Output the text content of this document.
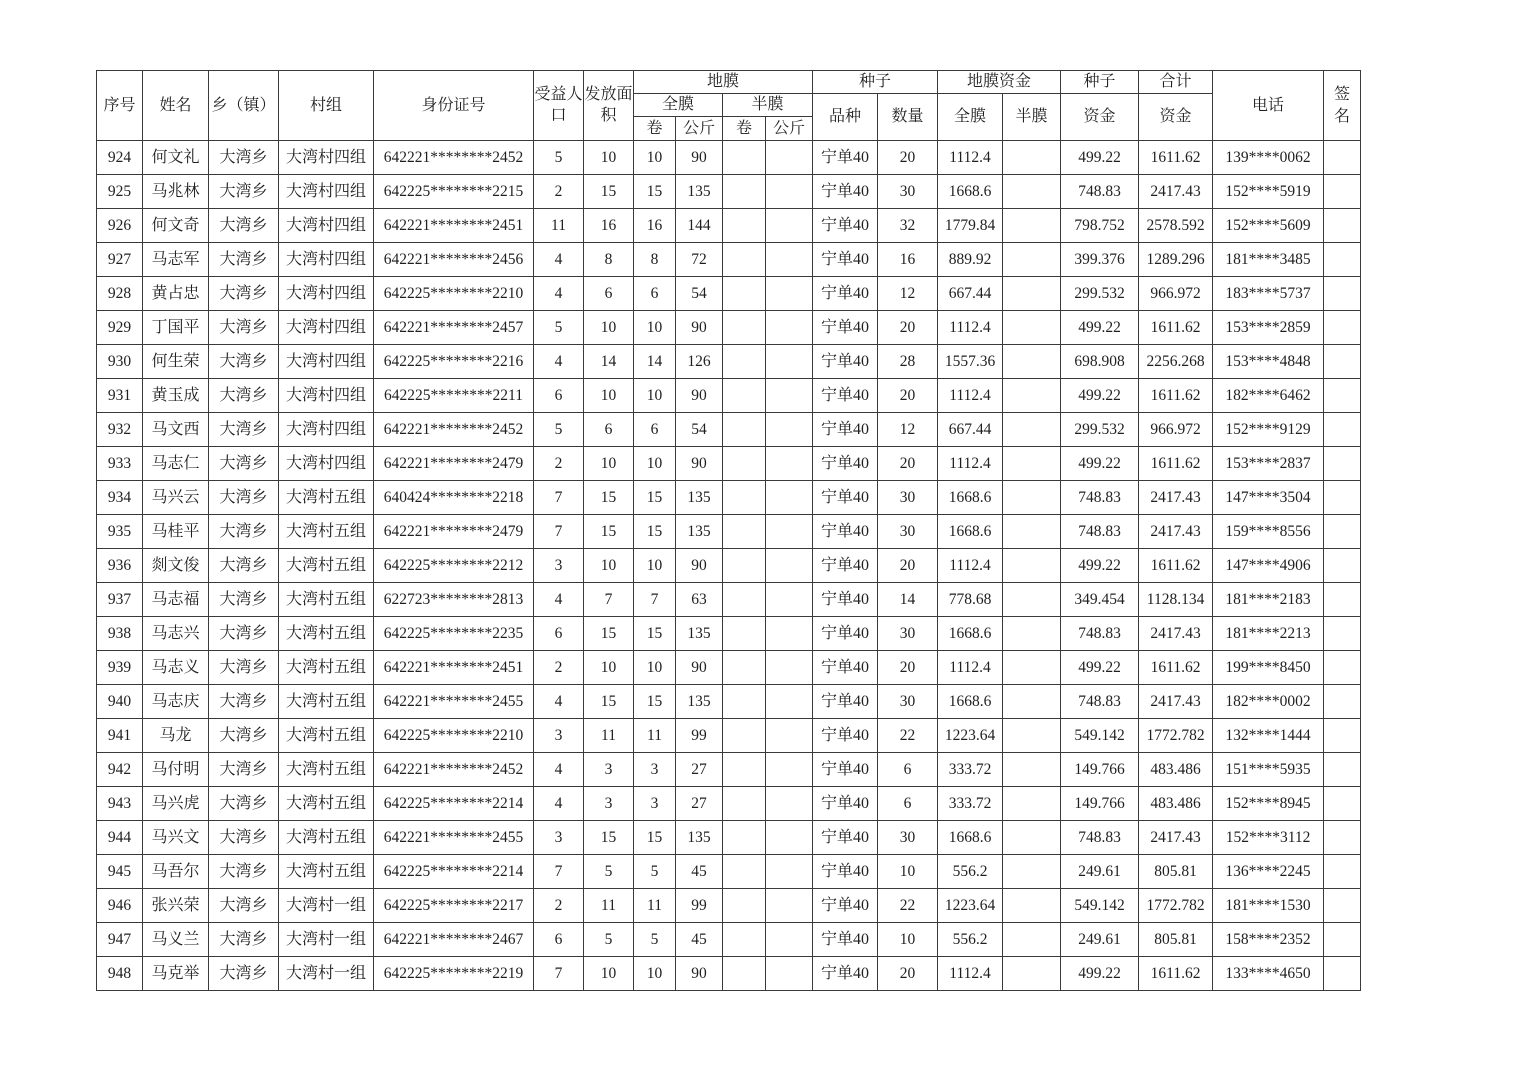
序号	姓名	乡（镇）	村组	身份证号	受益人口	发放面积	地膜				种子		地膜资金		种子	合计	电话	签名
							全膜		半膜		品种	数量	全膜	半膜	资金	资金		
							卷	公斤	卷	公斤								
924	何文礼	大湾乡	大湾村四组	642221********2452	5	10	10	90			宁单40	20	1112.4		499.22	1611.62	139****0062	
925	马兆林	大湾乡	大湾村四组	642225********2215	2	15	15	135			宁单40	30	1668.6		748.83	2417.43	152****5919	
926	何文奇	大湾乡	大湾村四组	642221********2451	11	16	16	144			宁单40	32	1779.84		798.752	2578.592	152****5609	
927	马志军	大湾乡	大湾村四组	642221********2456	4	8	8	72			宁单40	16	889.92		399.376	1289.296	181****3485	
928	黄占忠	大湾乡	大湾村四组	642225********2210	4	6	6	54			宁单40	12	667.44		299.532	966.972	183****5737	
929	丁国平	大湾乡	大湾村四组	642221********2457	5	10	10	90			宁单40	20	1112.4		499.22	1611.62	153****2859	
930	何生荣	大湾乡	大湾村四组	642225********2216	4	14	14	126			宁单40	28	1557.36		698.908	2256.268	153****4848	
931	黄玉成	大湾乡	大湾村四组	642225********2211	6	10	10	90			宁单40	20	1112.4		499.22	1611.62	182****6462	
932	马文西	大湾乡	大湾村四组	642221********2452	5	6	6	54			宁单40	12	667.44		299.532	966.972	152****9129	
933	马志仁	大湾乡	大湾村四组	642221********2479	2	10	10	90			宁单40	20	1112.4		499.22	1611.62	153****2837	
934	马兴云	大湾乡	大湾村五组	640424********2218	7	15	15	135			宁单40	30	1668.6		748.83	2417.43	147****3504	
935	马桂平	大湾乡	大湾村五组	642221********2479	7	15	15	135			宁单40	30	1668.6		748.83	2417.43	159****8556	
936	剡文俊	大湾乡	大湾村五组	642225********2212	3	10	10	90			宁单40	20	1112.4		499.22	1611.62	147****4906	
937	马志福	大湾乡	大湾村五组	622723********2813	4	7	7	63			宁单40	14	778.68		349.454	1128.134	181****2183	
938	马志兴	大湾乡	大湾村五组	642225********2235	6	15	15	135			宁单40	30	1668.6		748.83	2417.43	181****2213	
939	马志义	大湾乡	大湾村五组	642221********2451	2	10	10	90			宁单40	20	1112.4		499.22	1611.62	199****8450	
940	马志庆	大湾乡	大湾村五组	642221********2455	4	15	15	135			宁单40	30	1668.6		748.83	2417.43	182****0002	
941	马龙	大湾乡	大湾村五组	642225********2210	3	11	11	99			宁单40	22	1223.64		549.142	1772.782	132****1444	
942	马付明	大湾乡	大湾村五组	642221********2452	4	3	3	27			宁单40	6	333.72		149.766	483.486	151****5935	
943	马兴虎	大湾乡	大湾村五组	642225********2214	4	3	3	27			宁单40	6	333.72		149.766	483.486	152****8945	
944	马兴文	大湾乡	大湾村五组	642221********2455	3	15	15	135			宁单40	30	1668.6		748.83	2417.43	152****3112	
945	马吾尔	大湾乡	大湾村五组	642225********2214	7	5	5	45			宁单40	10	556.2		249.61	805.81	136****2245	
946	张兴荣	大湾乡	大湾村一组	642225********2217	2	11	11	99			宁单40	22	1223.64		549.142	1772.782	181****1530	
947	马义兰	大湾乡	大湾村一组	642221********2467	6	5	5	45			宁单40	10	556.2		249.61	805.81	158****2352	
948	马克举	大湾乡	大湾村一组	642225********2219	7	10	10	90			宁单40	20	1112.4		499.22	1611.62	133****4650	
